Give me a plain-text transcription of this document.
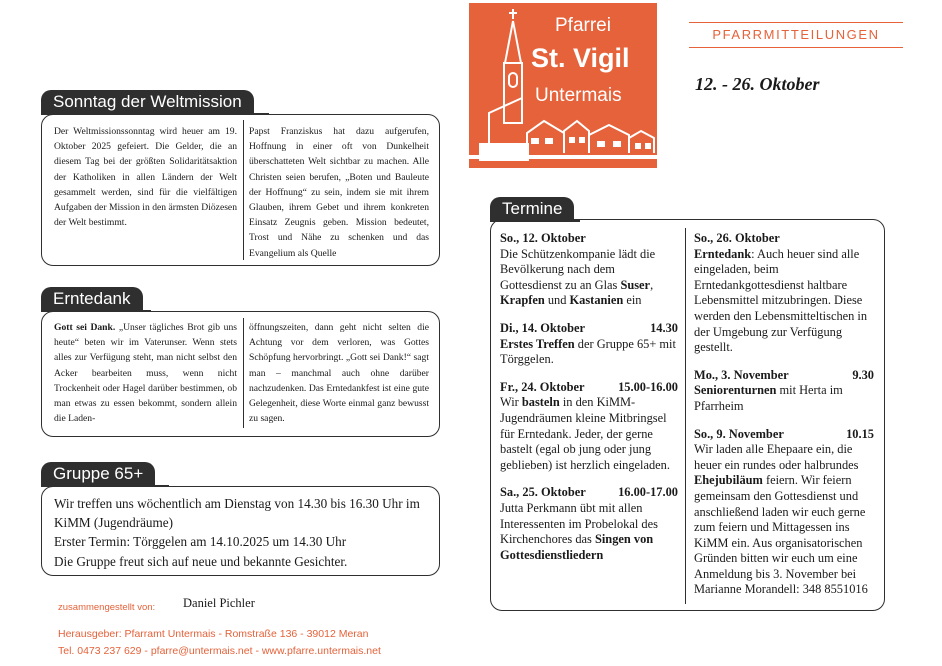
Pfarrei
St. Vigil
Untermais
PFARRMITTEILUNGEN
12. - 26. Oktober
Sonntag der Weltmission
Der Weltmissionssonntag wird heuer am 19. Oktober 2025 gefeiert. Die Gelder, die an diesem Tag bei der größten Solidaritätsaktion der Katholiken in allen Ländern der Welt gesammelt werden, sind für die vielfältigen Aufgaben der Mission in den ärmsten Diözesen der Welt bestimmt.
Papst Franziskus hat dazu aufgerufen, Hoffnung in einer oft von Dunkelheit überschatteten Welt sichtbar zu machen. Alle Christen seien berufen, „Boten und Bauleute der Hoffnung“ zu sein, indem sie mit ihrem Glauben, ihrem Gebet und ihrem konkreten Einsatz Zeugnis geben. Mission bedeutet, Trost und Nähe zu schenken und das Evangelium als Quelle
Erntedank
Gott sei Dank. „Unser tägliches Brot gib uns heute“ beten wir im Vaterunser. Wenn stets alles zur Verfügung steht, man nicht selbst den Acker bearbeiten muss, wenn nicht Trockenheit oder Hagel darüber bestimmen, ob man etwas zu essen bekommt, sondern allein die Laden-
öffnungszeiten, dann geht nicht selten die Achtung vor dem verloren, was Gottes Schöpfung hervorbringt. „Gott sei Dank!“ sagt man – manchmal auch ohne darüber nachzudenken. Das Erntedankfest ist eine gute Gelegenheit, diese Worte einmal ganz bewusst zu sagen.
Gruppe 65+
Wir treffen uns wöchentlich am Dienstag von 14.30 bis 16.30 Uhr im
KiMM (Jugendräume)
Erster Termin: Törggelen am 14.10.2025 um 14.30 Uhr
Die Gruppe freut sich auf neue und bekannte Gesichter.
Termine
So., 12. Oktober
Die Schützenkompanie lädt die Bevölkerung nach dem Gottesdienst zu an Glas Suser, Krapfen und Kastanien ein
Di., 14. Oktober	14.30
Erstes Treffen der Gruppe 65+ mit Törggelen.
Fr., 24. Oktober	15.00-16.00
Wir basteln in den KiMM-Jugendräumen kleine Mitbringsel für Erntedank. Jeder, der gerne bastelt (egal ob jung oder jung geblieben) ist herzlich eingeladen.
Sa., 25. Oktober	16.00-17.00
Jutta Perkmann übt mit allen Interessenten im Probelokal des Kirchenchores das Singen von Gottesdienstliedern
So., 26. Oktober
Erntedank: Auch heuer sind alle eingeladen, beim Erntedankgottesdienst haltbare Lebensmittel mitzubringen. Diese werden den Lebensmitteltischen in der Umgebung zur Verfügung gestellt.
Mo., 3. November	9.30
Seniorenturnen mit Herta im Pfarrheim
So., 9. November	10.15
Wir laden alle Ehepaare ein, die heuer ein rundes oder halbrundes Ehejubiläum feiern. Wir feiern gemeinsam den Gottesdienst und anschließend laden wir euch gerne zum feiern und Mittagessen ins KiMM ein. Aus organisatorischen Gründen bitten wir euch um eine Anmeldung bis 3. November bei Marianne Morandell: 348 8551016
zusammengestellt von: Daniel Pichler
Herausgeber: Pfarramt Untermais - Romstraße 136 - 39012 Meran
Tel. 0473 237 629 - pfarre@untermais.net - www.pfarre.untermais.net
